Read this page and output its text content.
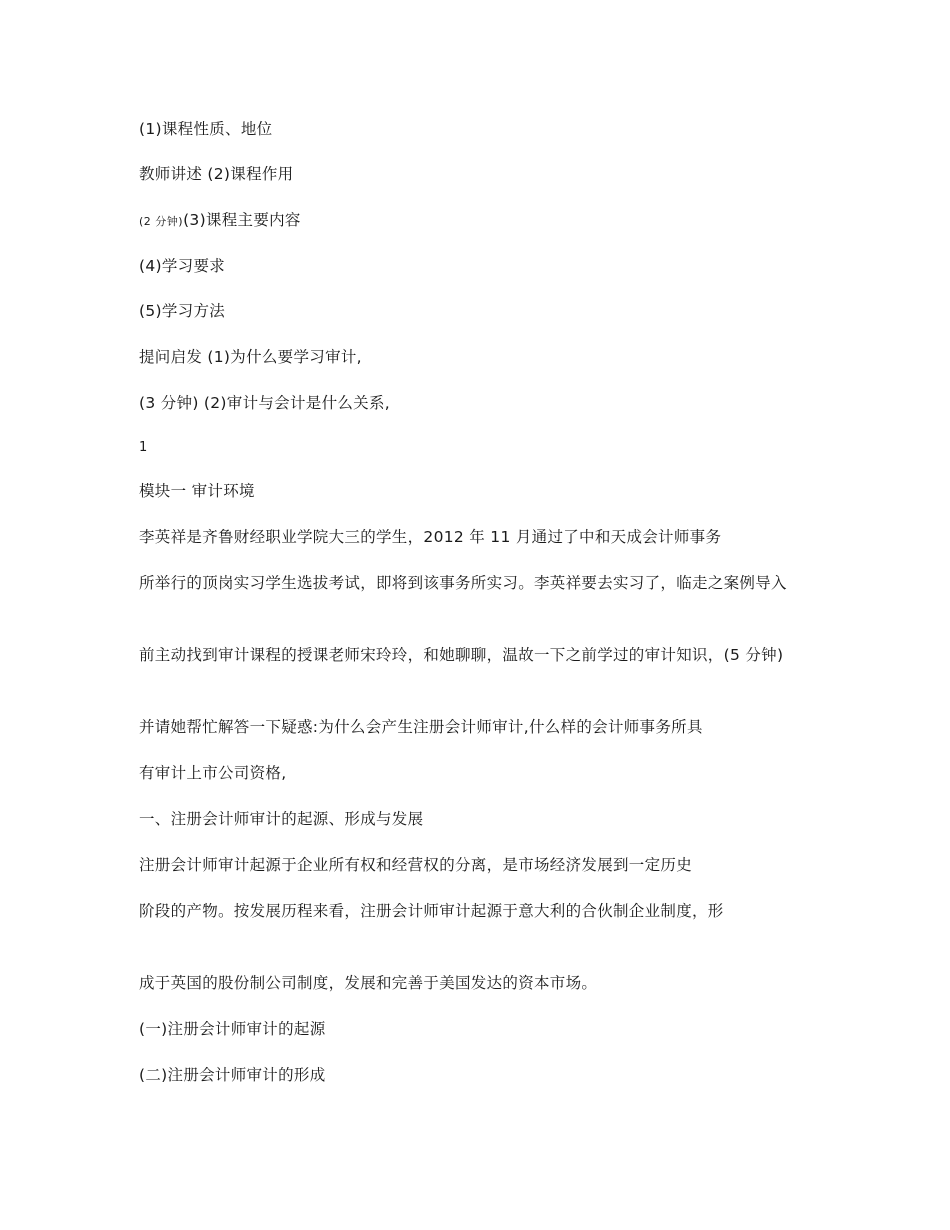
(1)课程性质、地位
教师讲述 (2)课程作用
(2 分钟)(3)课程主要内容
(4)学习要求
(5)学习方法
提问启发 (1)为什么要学习审计,
(3 分钟) (2)审计与会计是什么关系,
1
模块一 审计环境
李英祥是齐鲁财经职业学院大三的学生，2012 年 11 月通过了中和天成会计师事务
所举行的顶岗实习学生选拔考试，即将到该事务所实习。李英祥要去实习了，临走之案例导入
前主动找到审计课程的授课老师宋玲玲，和她聊聊，温故一下之前学过的审计知识，(5 分钟)
并请她帮忙解答一下疑惑:为什么会产生注册会计师审计,什么样的会计师事务所具
有审计上市公司资格,
一、注册会计师审计的起源、形成与发展
注册会计师审计起源于企业所有权和经营权的分离，是市场经济发展到一定历史
阶段的产物。按发展历程来看，注册会计师审计起源于意大利的合伙制企业制度，形
成于英国的股份制公司制度，发展和完善于美国发达的资本市场。
(一)注册会计师审计的起源
(二)注册会计师审计的形成
